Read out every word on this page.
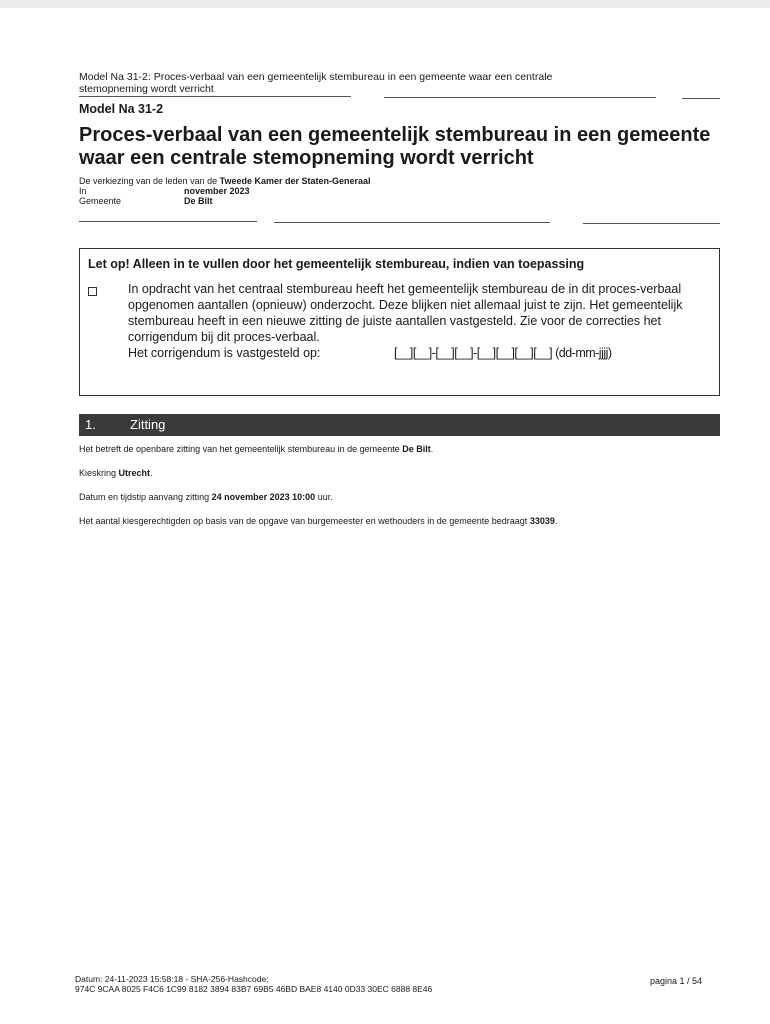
Model Na 31-2: Proces-verbaal van een gemeentelijk stembureau in een gemeente waar een centrale
stemopneming wordt verricht
Model Na 31-2
Proces-verbaal van een gemeentelijk stembureau in een gemeente
waar een centrale stemopneming wordt verricht
De verkiezing van de leden van de Tweede Kamer der Staten-Generaal
In	november 2023
Gemeente	De Bilt
Let op! Alleen in te vullen door het gemeentelijk stembureau, indien van toepassing
In opdracht van het centraal stembureau heeft het gemeentelijk stembureau de in dit proces-verbaal opgenomen aantallen (opnieuw) onderzocht. Deze blijken niet allemaal juist te zijn. Het gemeentelijk stembureau heeft in een nieuwe zitting de juiste aantallen vastgesteld. Zie voor de correcties het corrigendum bij dit proces-verbaal.
Het corrigendum is vastgesteld op:	[__][__]-[__][__]-[__][__][__][__] (dd-mm-jjjj)
1.	Zitting
Het betreft de openbare zitting van het gemeentelijk stembureau in de gemeente De Bilt.
Kieskring Utrecht.
Datum en tijdstip aanvang zitting 24 november 2023 10:00 uur.
Het aantal kiesgerechtigden op basis van de opgave van burgemeester en wethouders in de gemeente bedraagt 33039.
Datum: 24-11-2023 15:58:18 - SHA-256-Hashcode:
974C 9CAA 8025 F4C6 1C99 8182 3894 83B7 69B5 46BD BAE8 4140 0D33 30EC 6888 8E46
pagina 1 / 54
